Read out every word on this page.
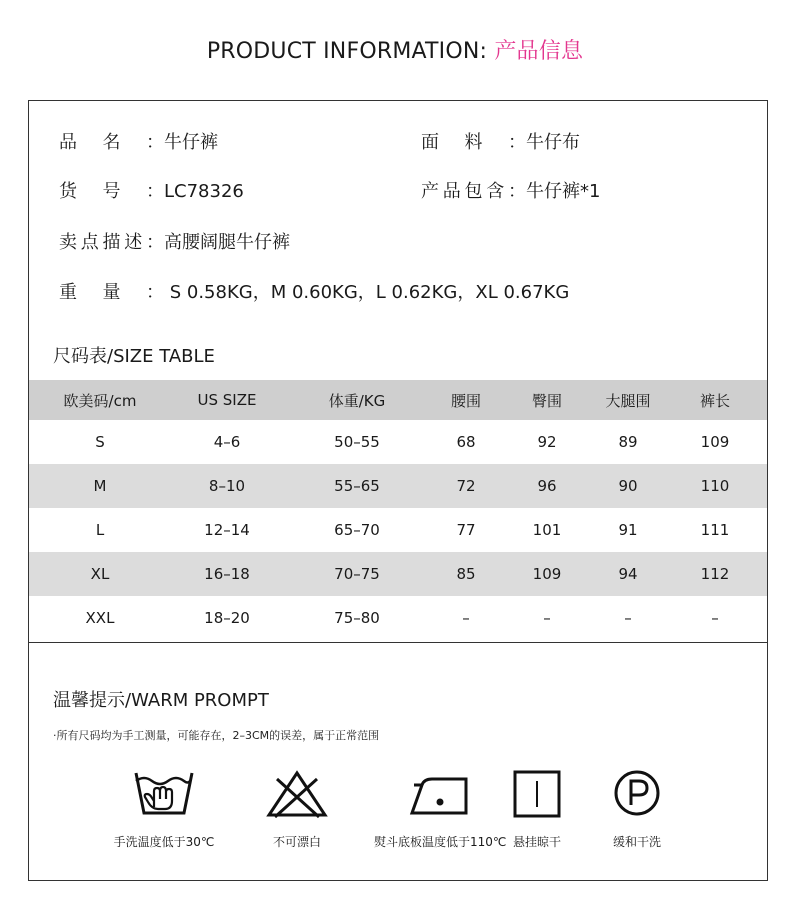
PRODUCT INFORMATION: 产品信息
品名：牛仔裤	面料：牛仔布
货号：LC78326	产品包含：牛仔裤*1
卖点描述：高腰阔腿牛仔裤
重量： S 0.58KG，M 0.60KG，L 0.62KG，XL 0.67KG
尺码表/SIZE TABLE
欧美码/cm	US SIZE	体重/KG	腰围	臀围	大腿围	裤长
S	4–6	50–55	68	92	89	109
M	8–10	55–65	72	96	90	110
L	12–14	65–70	77	101	91	111
XL	16–18	70–75	85	109	94	112
XXL	18–20	75–80	–	–	–	–
温馨提示/WARM PROMPT
·所有尺码均为手工测量，可能存在，2–3CM的误差，属于正常范围
手洗温度低于30℃	不可漂白	熨斗底板温度低于110℃ 悬挂晾干	缓和干洗
